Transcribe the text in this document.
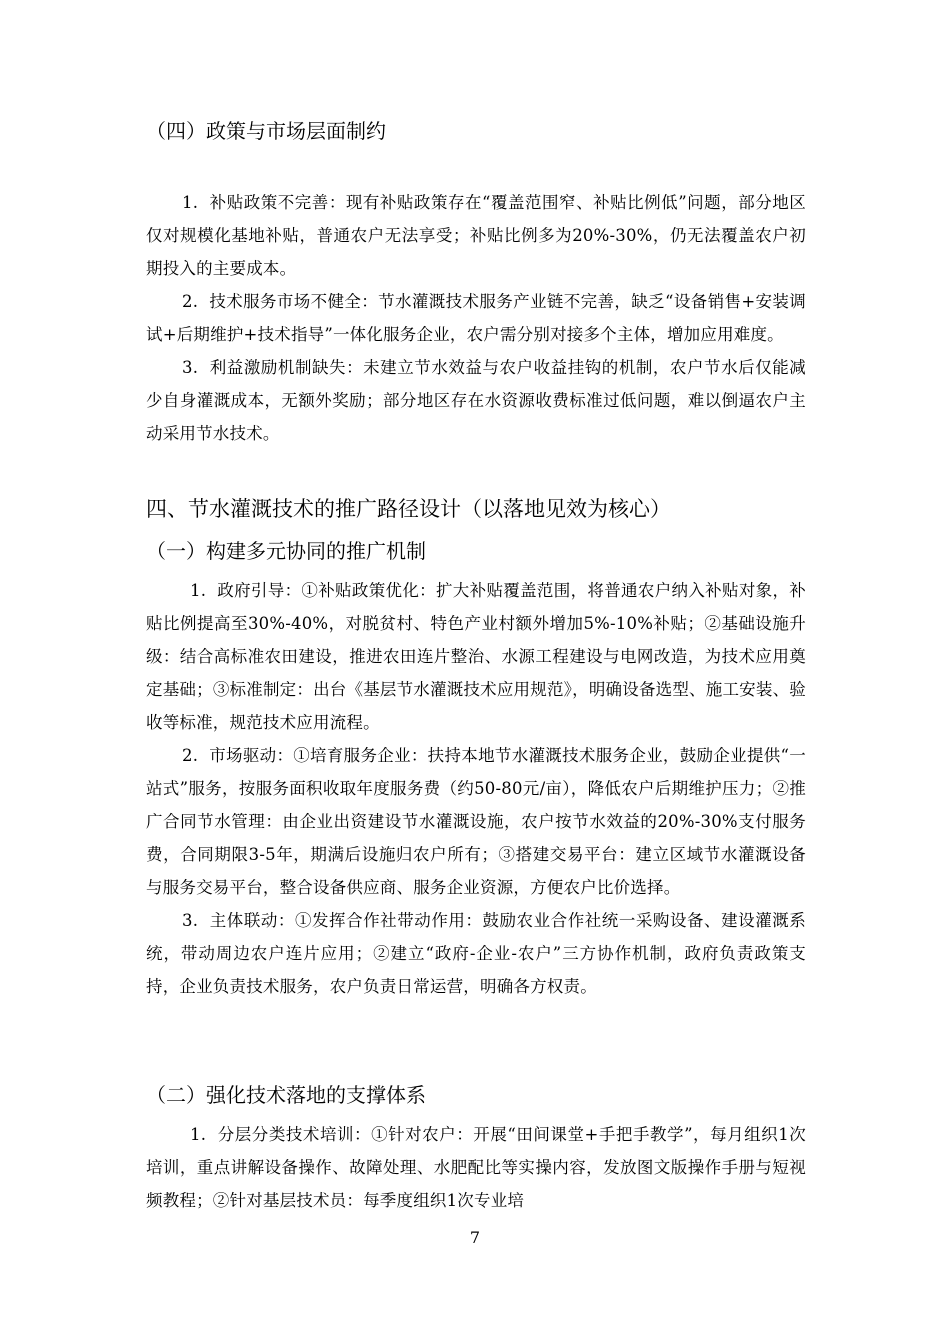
（四）政策与市场层面制约

1.  补贴政策不完善：现有补贴政策存在“覆盖范围窄、补贴比例低”问题，部分地区仅对规模化基地补贴，普通农户无法享受；补贴比例多为20%-30%，仍无法覆盖农户初期投入的主要成本。

2.  技术服务市场不健全：节水灌溉技术服务产业链不完善，缺乏“设备销售+安装调试+后期维护+技术指导”一体化服务企业，农户需分别对接多个主体，增加应用难度。

3.  利益激励机制缺失：未建立节水效益与农户收益挂钩的机制，农户节水后仅能减少自身灌溉成本，无额外奖励；部分地区存在水资源收费标准过低问题，难以倒逼农户主动采用节水技术。

四、节水灌溉技术的推广路径设计（以落地见效为核心）
（一）构建多元协同的推广机制

1.  政府引导：①补贴政策优化：扩大补贴覆盖范围，将普通农户纳入补贴对象，补贴比例提高至30%-40%，对脱贫村、特色产业村额外增加5%-10%补贴；②基础设施升级：结合高标准农田建设，推进农田连片整治、水源工程建设与电网改造，为技术应用奠定基础；③标准制定：出台《基层节水灌溉技术应用规范》，明确设备选型、施工安装、验收等标准，规范技术应用流程。

2.  市场驱动：①培育服务企业：扶持本地节水灌溉技术服务企业，鼓励企业提供“一站式”服务，按服务面积收取年度服务费（约50-80元/亩），降低农户后期维护压力；②推广合同节水管理：由企业出资建设节水灌溉设施，农户按节水效益的20%-30%支付服务费，合同期限3-5年，期满后设施归农户所有；③搭建交易平台：建立区域节水灌溉设备与服务交易平台，整合设备供应商、服务企业资源，方便农户比价选择。

3.  主体联动：①发挥合作社带动作用：鼓励农业合作社统一采购设备、建设灌溉系统，带动周边农户连片应用；②建立“政府-企业-农户”三方协作机制，政府负责政策支持，企业负责技术服务，农户负责日常运营，明确各方权责。

（二）强化技术落地的支撑体系

1.  分层分类技术培训：①针对农户：开展“田间课堂+手把手教学”，每月组织1次培训，重点讲解设备操作、故障处理、水肥配比等实操内容，发放图文版操作手册与短视频教程；②针对基层技术员：每季度组织1次专业培

7
